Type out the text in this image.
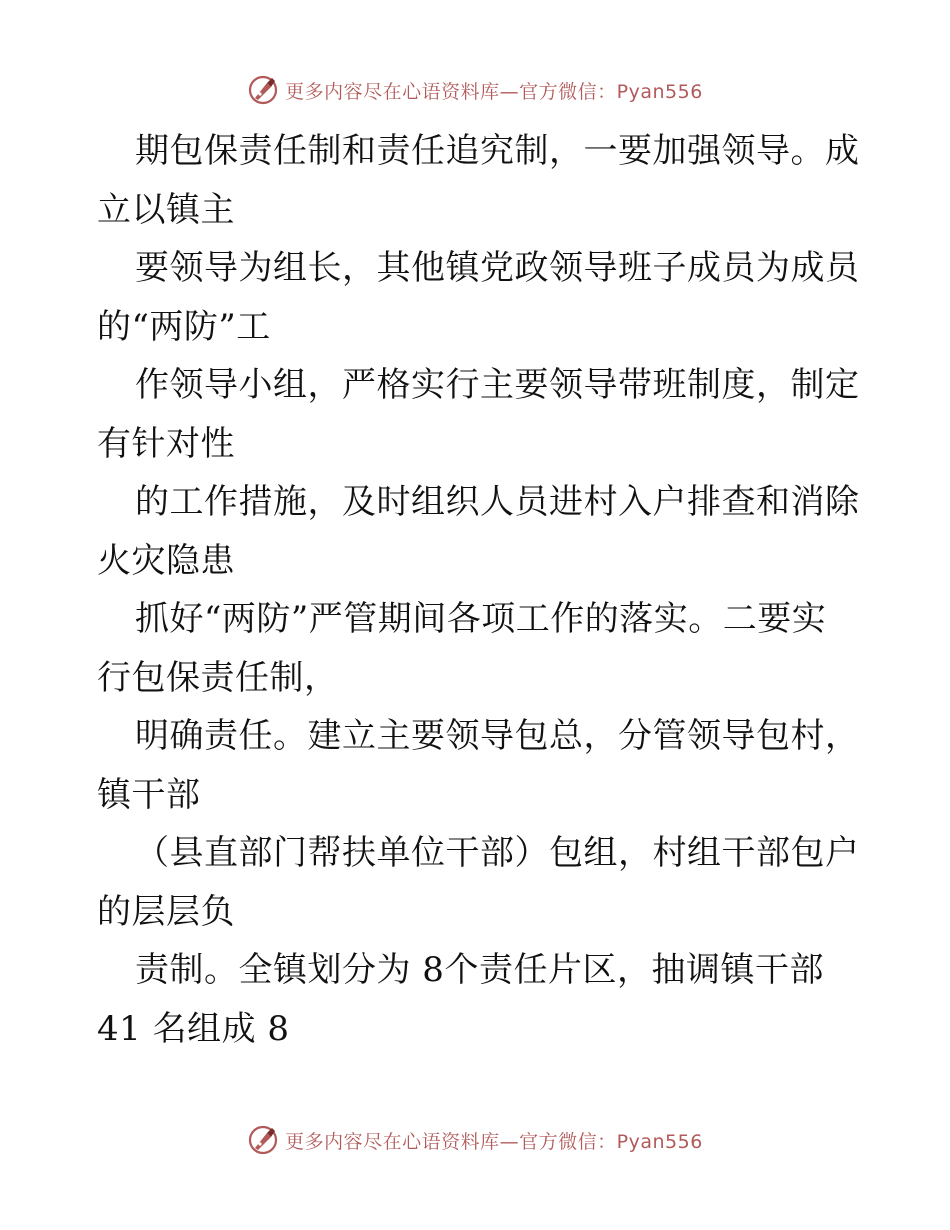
更多内容尽在心语资料库—官方微信：Pyan556
期包保责任制和责任追究制，一要加强领导。成
立以镇主
要领导为组长，其他镇党政领导班子成员为成员
的“两防”工
作领导小组，严格实行主要领导带班制度，制定
有针对性
的工作措施，及时组织人员进村入户排查和消除
火灾隐患
抓好“两防”严管期间各项工作的落实。二要实
行包保责任制，
明确责任。建立主要领导包总，分管领导包村，
镇干部
（县直部门帮扶单位干部）包组，村组干部包户
的层层负
责制。全镇划分为 8个责任片区，抽调镇干部
41 名组成 8
更多内容尽在心语资料库—官方微信：Pyan556
